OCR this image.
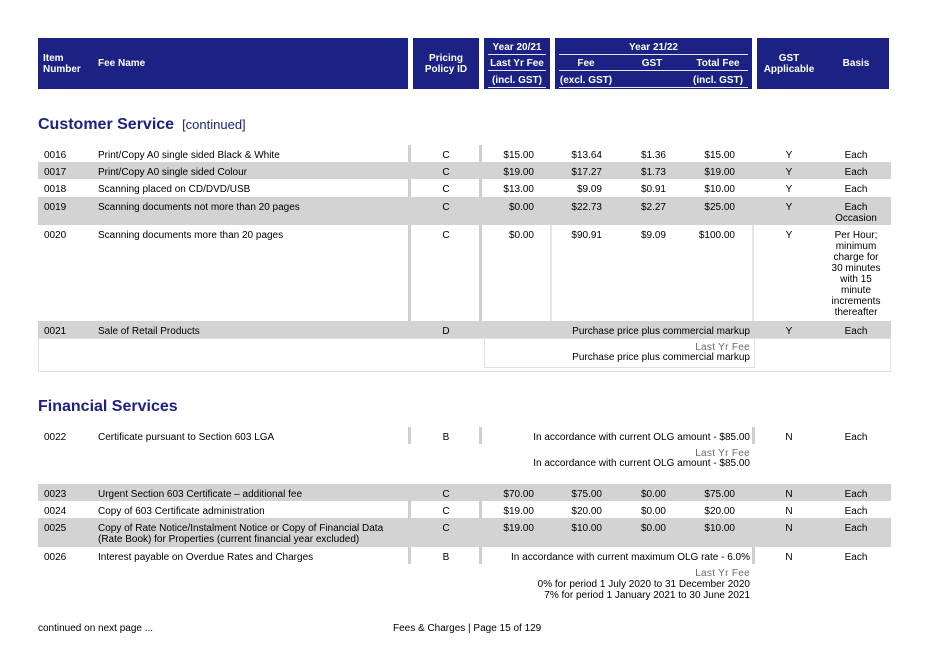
Item
Number
Fee Name	Pricing
Policy ID
Year 20/21
Last Yr Fee
(incl. GST)
Year 21/22
Fee	GST	Total Fee
(excl. GST)	(incl. GST)
GST
Applicable
Basis
Customer Service [continued]
0016	Print/Copy A0 single sided Black & White	C	$15.00	$13.64	$1.36	$15.00	Y	Each
0017	Print/Copy A0 single sided Colour	C	$19.00	$17.27	$1.73	$19.00	Y	Each
0018	Scanning placed on CD/DVD/USB	C	$13.00	$9.09	$0.91	$10.00	Y	Each
0019	Scanning documents not more than 20 pages	C	$0.00	$22.73	$2.27	$25.00	Y	Each
Occasion
0020	Scanning documents more than 20 pages	C	$0.00	$90.91	$9.09	$100.00	Y	Per Hour;
minimum
charge for
30 minutes
with 15
minute
increments
thereafter
0021	Sale of Retail Products	D	Purchase price plus commercial markup	Y	Each
Last Yr Fee
Purchase price plus commercial markup
Financial Services
0022	Certificate pursuant to Section 603 LGA	B	In accordance with current OLG amount - $85.00	N	Each
Last Yr Fee
In accordance with current OLG amount - $85.00
0023	Urgent Section 603 Certificate – additional fee	C	$70.00	$75.00	$0.00	$75.00	N	Each
0024	Copy of 603 Certificate administration	C	$19.00	$20.00	$0.00	$20.00	N	Each
0025	Copy of Rate Notice/Instalment Notice or Copy of Financial Data
(Rate Book) for Properties (current financial year excluded)
C	$19.00	$10.00	$0.00	$10.00	N	Each
0026	Interest payable on Overdue Rates and Charges	B	In accordance with current maximum OLG rate - 6.0%	N	Each
Last Yr Fee
0% for period 1 July 2020 to 31 December 2020
7% for period 1 January 2021 to 30 June 2021
continued on next page ...	Fees & Charges | Page 15 of 129
